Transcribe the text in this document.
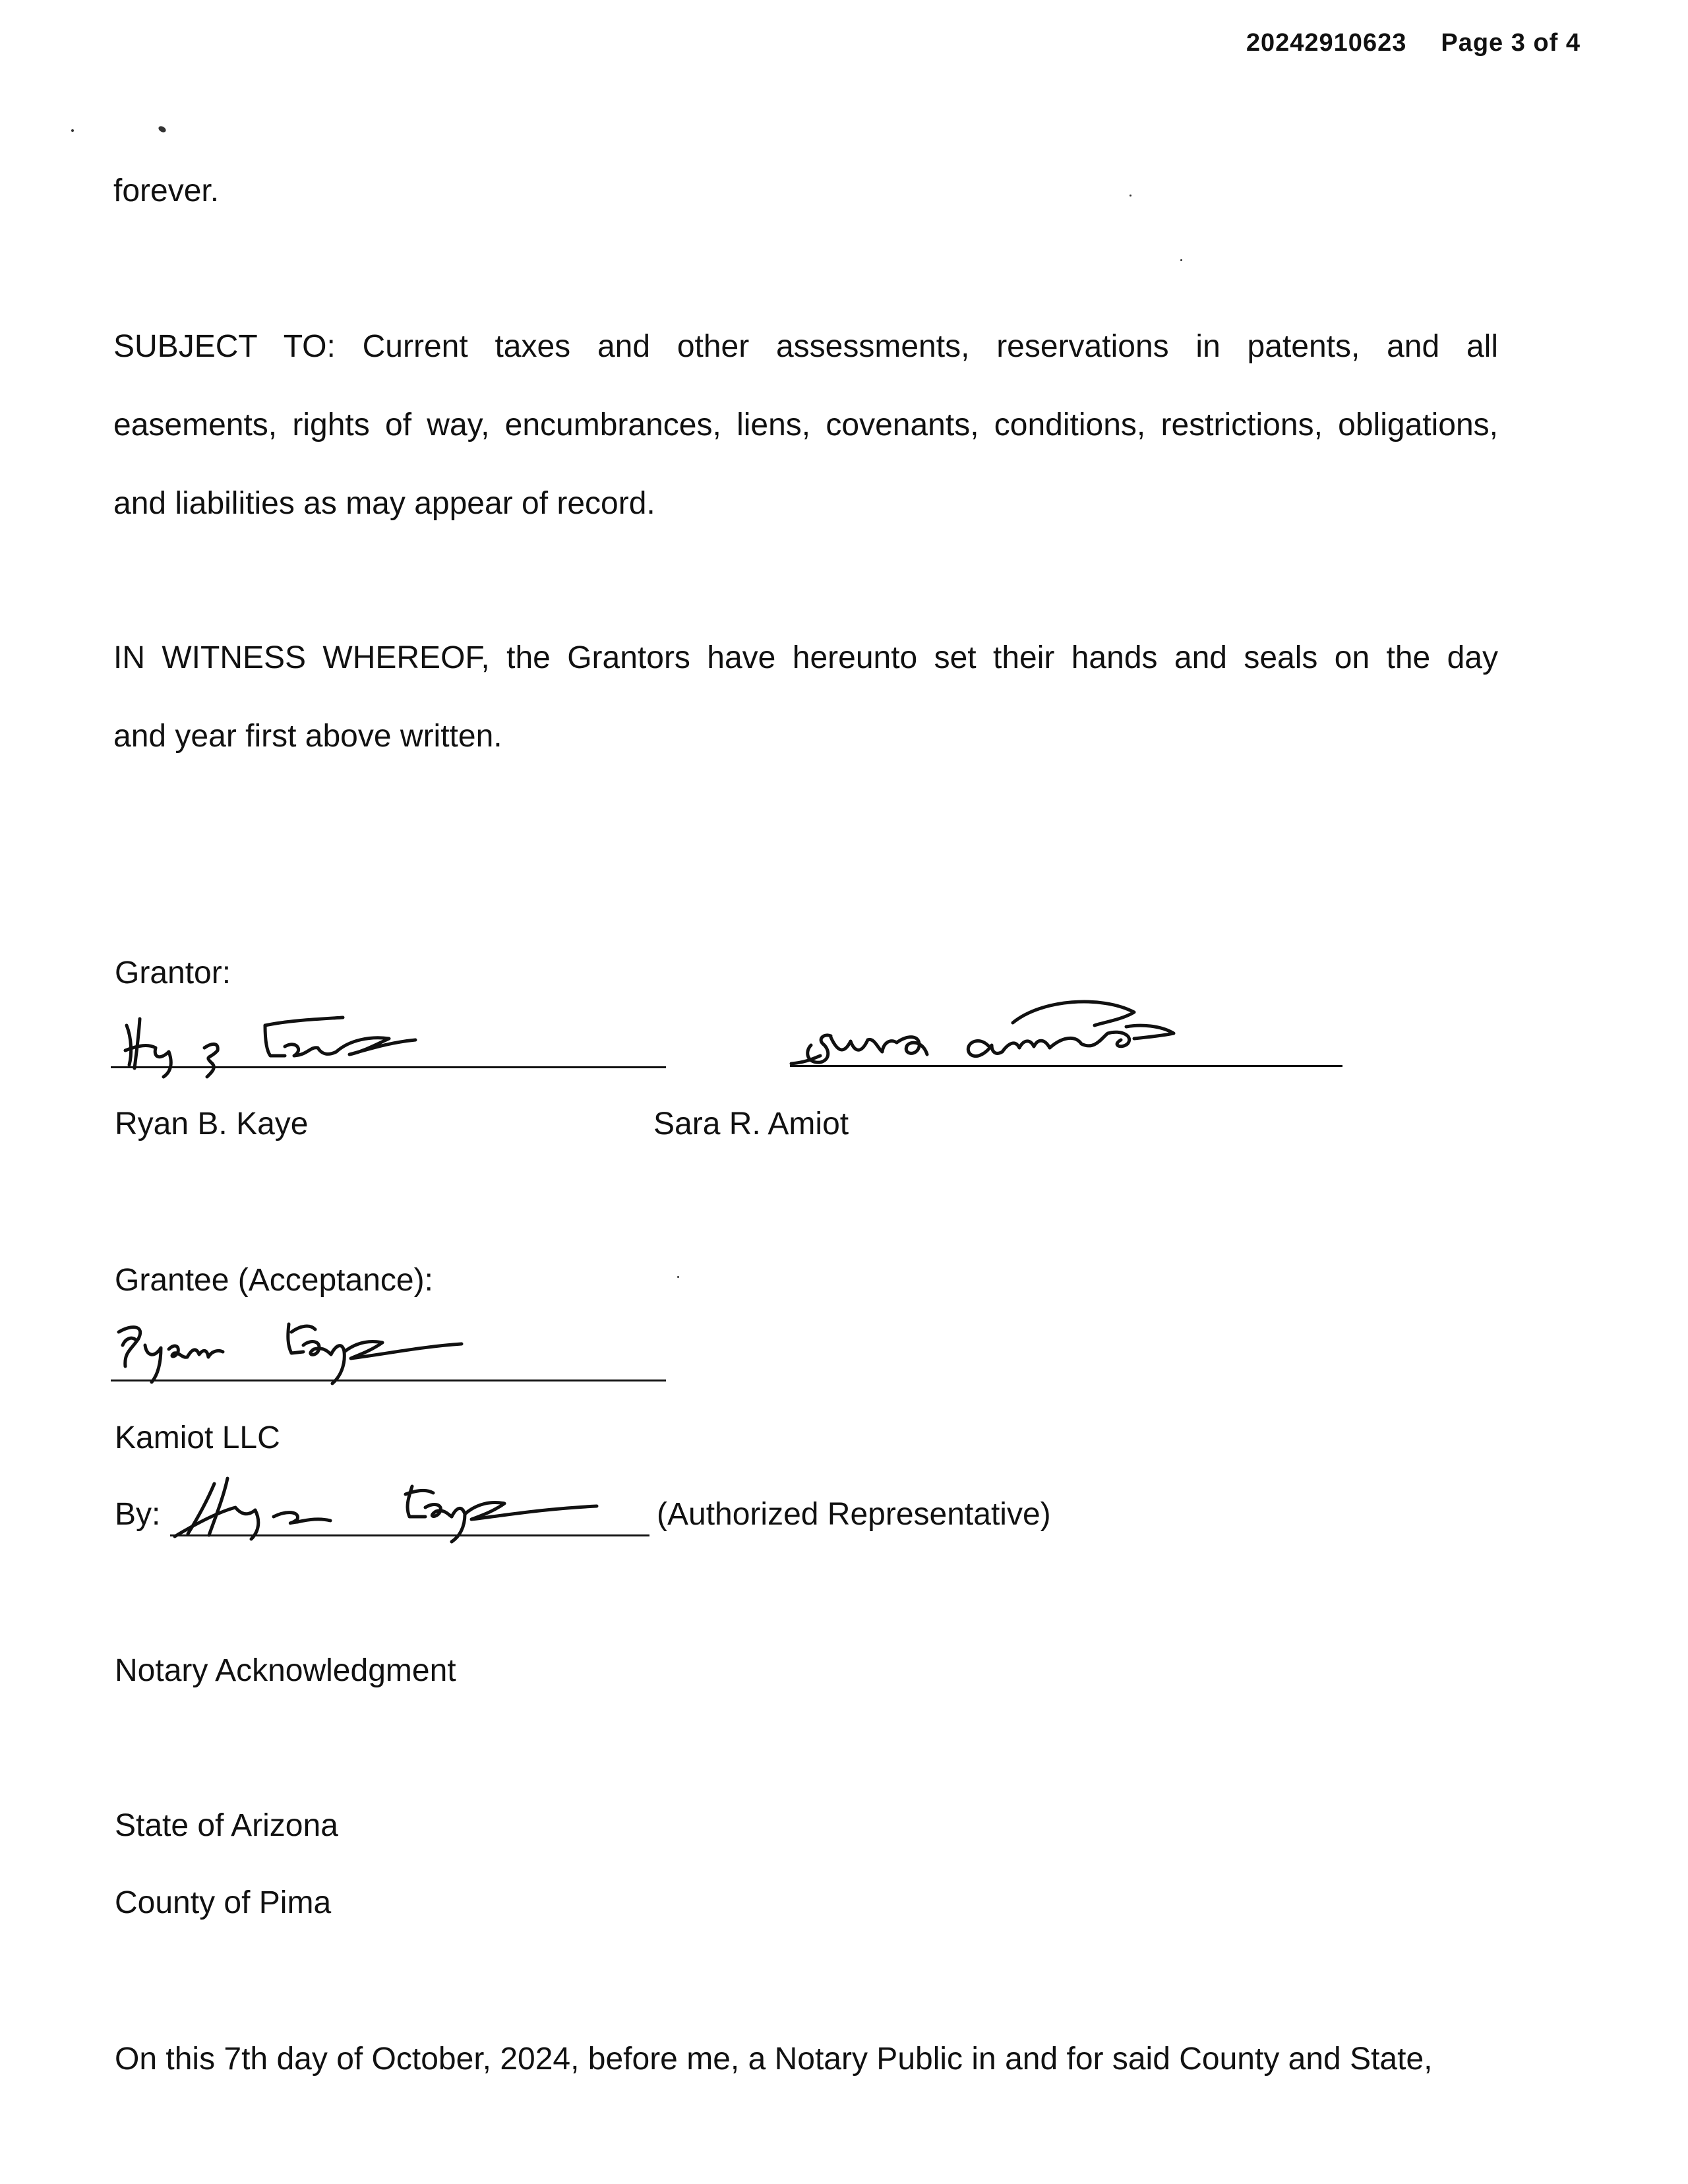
20242910623 Page 3 of 4
forever.
SUBJECT TO: Current taxes and other assessments, reservations in patents, and all
easements, rights of way, encumbrances, liens, covenants, conditions, restrictions, obligations,
and liabilities as may appear of record.
IN WITNESS WHEREOF, the Grantors have hereunto set their hands and seals on the day
and year first above written.
Grantor:
Ryan B. Kaye	Sara R. Amiot
Grantee (Acceptance):
Kamiot LLC
By:	(Authorized Representative)
Notary Acknowledgment
State of Arizona
County of Pima
On this 7th day of October, 2024, before me, a Notary Public in and for said County and State,
